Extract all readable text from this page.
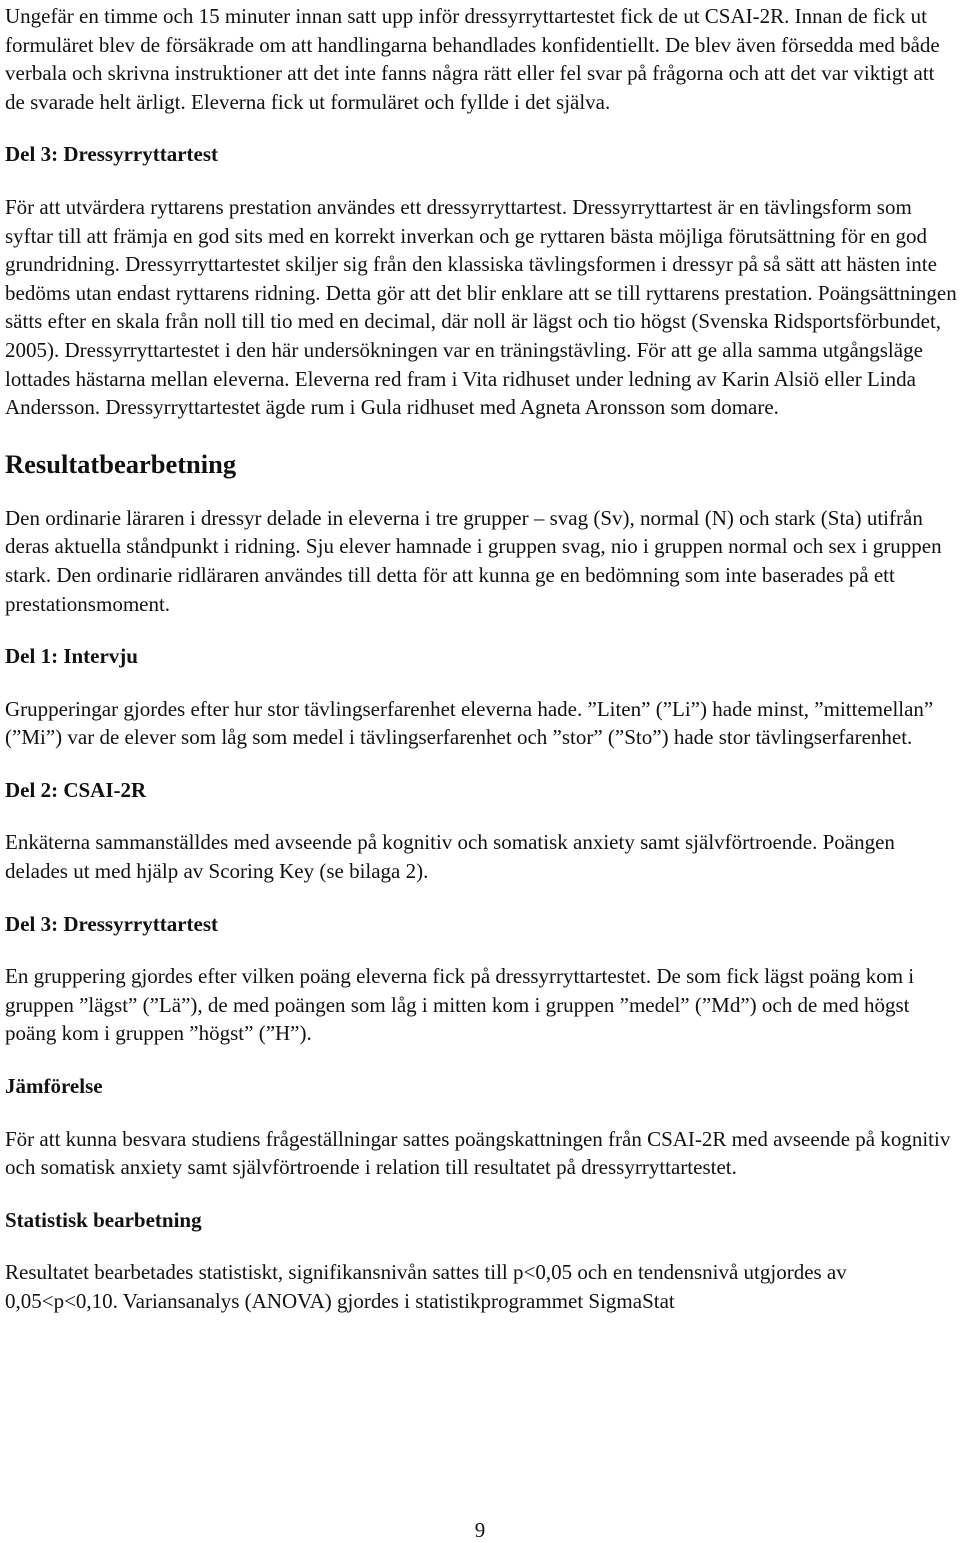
Ungefär en timme och 15 minuter innan satt upp inför dressyrryttartestet fick de ut CSAI-2R. Innan de fick ut formuläret blev de försäkrade om att handlingarna behandlades konfidentiellt. De blev även försedda med både verbala och skrivna instruktioner att det inte fanns några rätt eller fel svar på frågorna och att det var viktigt att de svarade helt ärligt. Eleverna fick ut formuläret och fyllde i det själva.

Del 3: Dressyrryttartest

För att utvärdera ryttarens prestation användes ett dressyrryttartest. Dressyrryttartest är en tävlingsform som syftar till att främja en god sits med en korrekt inverkan och ge ryttaren bästa möjliga förutsättning för en god grundridning. Dressyrryttartestet skiljer sig från den klassiska tävlingsformen i dressyr på så sätt att hästen inte bedöms utan endast ryttarens ridning. Detta gör att det blir enklare att se till ryttarens prestation. Poängsättningen sätts efter en skala från noll till tio med en decimal, där noll är lägst och tio högst (Svenska Ridsportsförbundet, 2005). Dressyrryttartestet i den här undersökningen var en träningstävling. För att ge alla samma utgångsläge lottades hästarna mellan eleverna. Eleverna red fram i Vita ridhuset under ledning av Karin Alsiö eller Linda Andersson. Dressyrryttartestet ägde rum i Gula ridhuset med Agneta Aronsson som domare.

Resultatbearbetning

Den ordinarie läraren i dressyr delade in eleverna i tre grupper – svag (Sv), normal (N) och stark (Sta) utifrån deras aktuella ståndpunkt i ridning. Sju elever hamnade i gruppen svag, nio i gruppen normal och sex i gruppen stark. Den ordinarie ridläraren användes till detta för att kunna ge en bedömning som inte baserades på ett prestationsmoment.

Del 1: Intervju

Grupperingar gjordes efter hur stor tävlingserfarenhet eleverna hade. ”Liten” (”Li”) hade minst, ”mittemellan” (”Mi”) var de elever som låg som medel i tävlingserfarenhet och ”stor” (”Sto”) hade stor tävlingserfarenhet.

Del 2: CSAI-2R

Enkäterna sammanställdes med avseende på kognitiv och somatisk anxiety samt självförtroende. Poängen delades ut med hjälp av Scoring Key (se bilaga 2).

Del 3: Dressyrryttartest

En gruppering gjordes efter vilken poäng eleverna fick på dressyrryttartestet. De som fick lägst poäng kom i gruppen ”lägst” (”Lä”), de med poängen som låg i mitten kom i gruppen ”medel” (”Md”) och de med högst poäng kom i gruppen ”högst” (”H”).

Jämförelse

För att kunna besvara studiens frågeställningar sattes poängskattningen från CSAI-2R med avseende på kognitiv och somatisk anxiety samt självförtroende i relation till resultatet på dressyrryttartestet.

Statistisk bearbetning

Resultatet bearbetades statistiskt, signifikansnivån sattes till p<0,05 och en tendensnivå utgjordes av 0,05<p<0,10. Variansanalys (ANOVA) gjordes i statistikprogrammet SigmaStat

9
